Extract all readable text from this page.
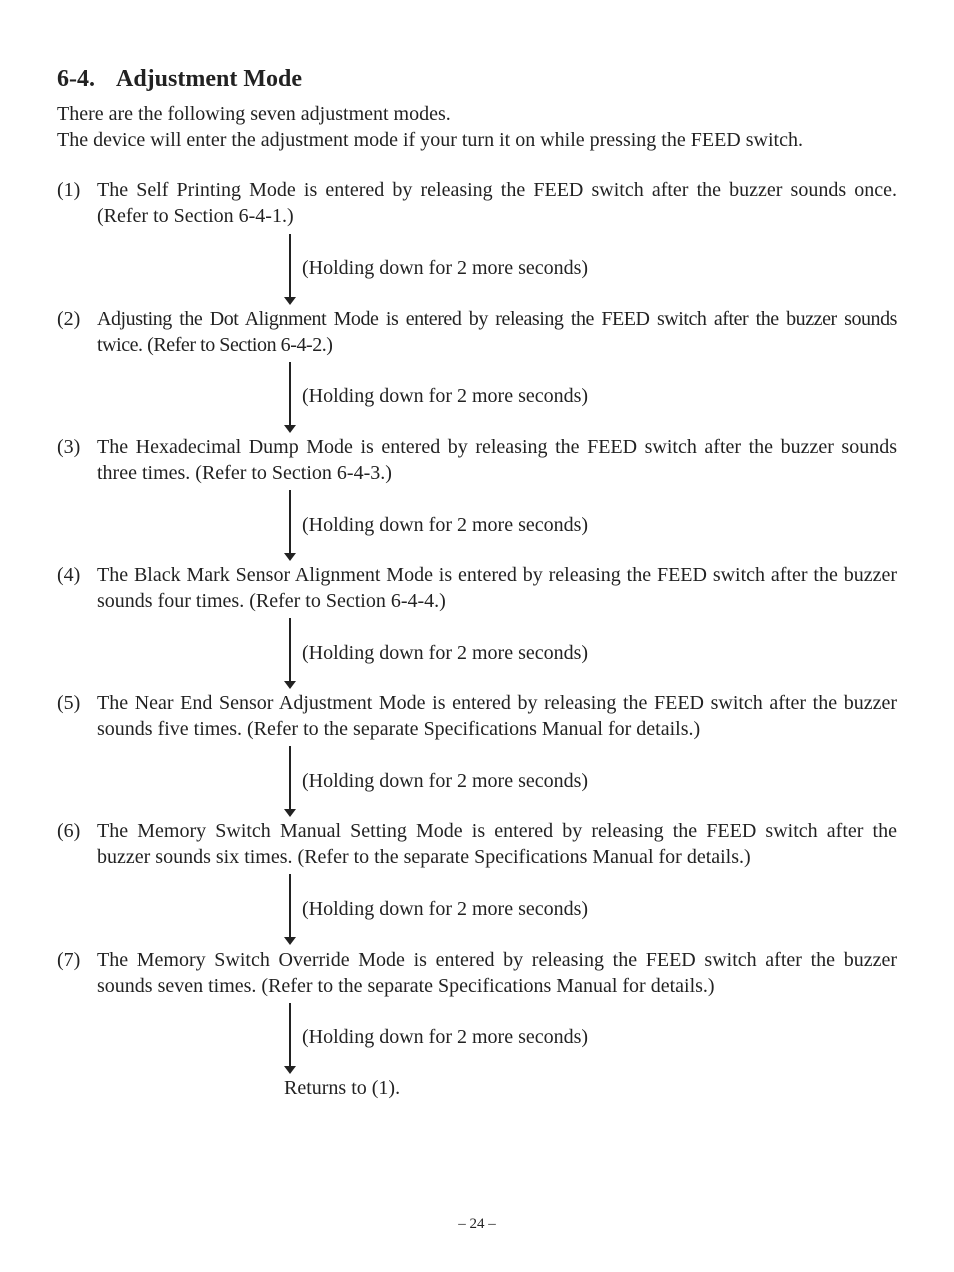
6-4. Adjustment Mode
There are the following seven adjustment modes.
The device will enter the adjustment mode if your turn it on while pressing the FEED switch.
(1) The Self Printing Mode is entered by releasing the FEED switch after the buzzer sounds once. (Refer to Section 6-4-1.)
(Holding down for 2 more seconds)
(2) Adjusting the Dot Alignment Mode is entered by releasing the FEED switch after the buzzer sounds twice. (Refer to Section 6-4-2.)
(Holding down for 2 more seconds)
(3) The Hexadecimal Dump Mode is entered by releasing the FEED switch after the buzzer sounds three times. (Refer to Section 6-4-3.)
(Holding down for 2 more seconds)
(4) The Black Mark Sensor Alignment Mode is entered by releasing the FEED switch after the buzzer sounds four times. (Refer to Section 6-4-4.)
(Holding down for 2 more seconds)
(5) The Near End Sensor Adjustment Mode is entered by releasing the FEED switch after the buzzer sounds five times. (Refer to the separate Specifications Manual for details.)
(Holding down for 2 more seconds)
(6) The Memory Switch Manual Setting Mode is entered by releasing the FEED switch after the buzzer sounds six times. (Refer to the separate Specifications Manual for details.)
(Holding down for 2 more seconds)
(7) The Memory Switch Override Mode is entered by releasing the FEED switch after the buzzer sounds seven times. (Refer to the separate Specifications Manual for details.)
(Holding down for 2 more seconds)
Returns to (1).
– 24 –
